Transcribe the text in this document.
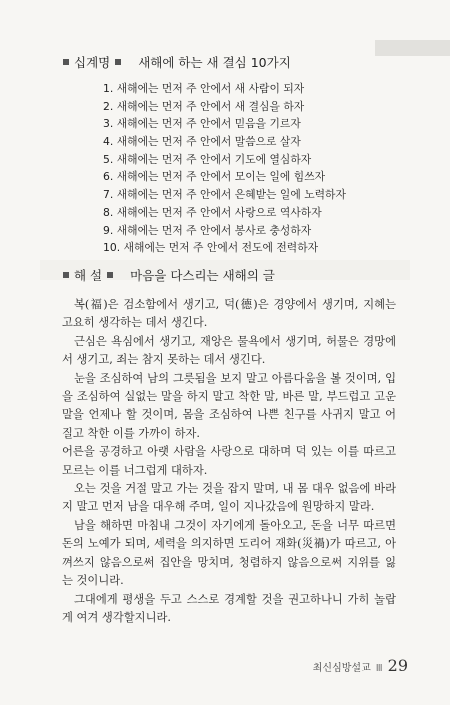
십계명 새해에 하는 새 결심 10가지
1. 새해에는 먼저 주 안에서 새 사람이 되자
2. 새해에는 먼저 주 안에서 새 결심을 하자
3. 새해에는 먼저 주 안에서 믿음을 기르자
4. 새해에는 먼저 주 안에서 말씀으로 살자
5. 새해에는 먼저 주 안에서 기도에 열심하자
6. 새해에는 먼저 주 안에서 모이는 일에 힘쓰자
7. 새해에는 먼저 주 안에서 은혜받는 일에 노력하자
8. 새해에는 먼저 주 안에서 사랑으로 역사하자
9. 새해에는 먼저 주 안에서 봉사로 충성하자
10. 새해에는 먼저 주 안에서 전도에 전력하자
해 설 마음을 다스리는 새해의 글

복(福)은 검소함에서 생기고, 덕(德)은 경양에서 생기며, 지혜는 고요히 생각하는 데서 생긴다.

근심은 욕심에서 생기고, 재앙은 물욕에서 생기며, 허물은 경망에서 생기고, 죄는 참지 못하는 데서 생긴다.

눈을 조심하여 남의 그릇됨을 보지 말고 아름다움을 볼 것이며, 입을 조심하여 실없는 말을 하지 말고 착한 말, 바른 말, 부드럽고 고운 말을 언제나 할 것이며, 몸을 조심하여 나쁜 친구를 사귀지 말고 어질고 착한 이를 가까이 하자.

어른을 공경하고 아랫 사람을 사랑으로 대하며 덕 있는 이를 따르고 모르는 이를 너그럽게 대하자.

오는 것을 거절 말고 가는 것을 잡지 말며, 내 몸 대우 없음에 바라지 말고 먼저 남을 대우해 주며, 일이 지나갔음에 원망하지 말라.

남을 해하면 마침내 그것이 자기에게 돌아오고, 돈을 너무 따르면 돈의 노예가 되며, 세력을 의지하면 도리어 재화(災禍)가 따르고, 아껴쓰지 않음으로써 집안을 망치며, 청렴하지 않음으로써 지위를 잃는 것이니라.

그대에게 평생을 두고 스스로 경계할 것을 권고하나니 가히 놀랍게 여겨 생각할지니라.

최신심방설교 Ⅲ 29
